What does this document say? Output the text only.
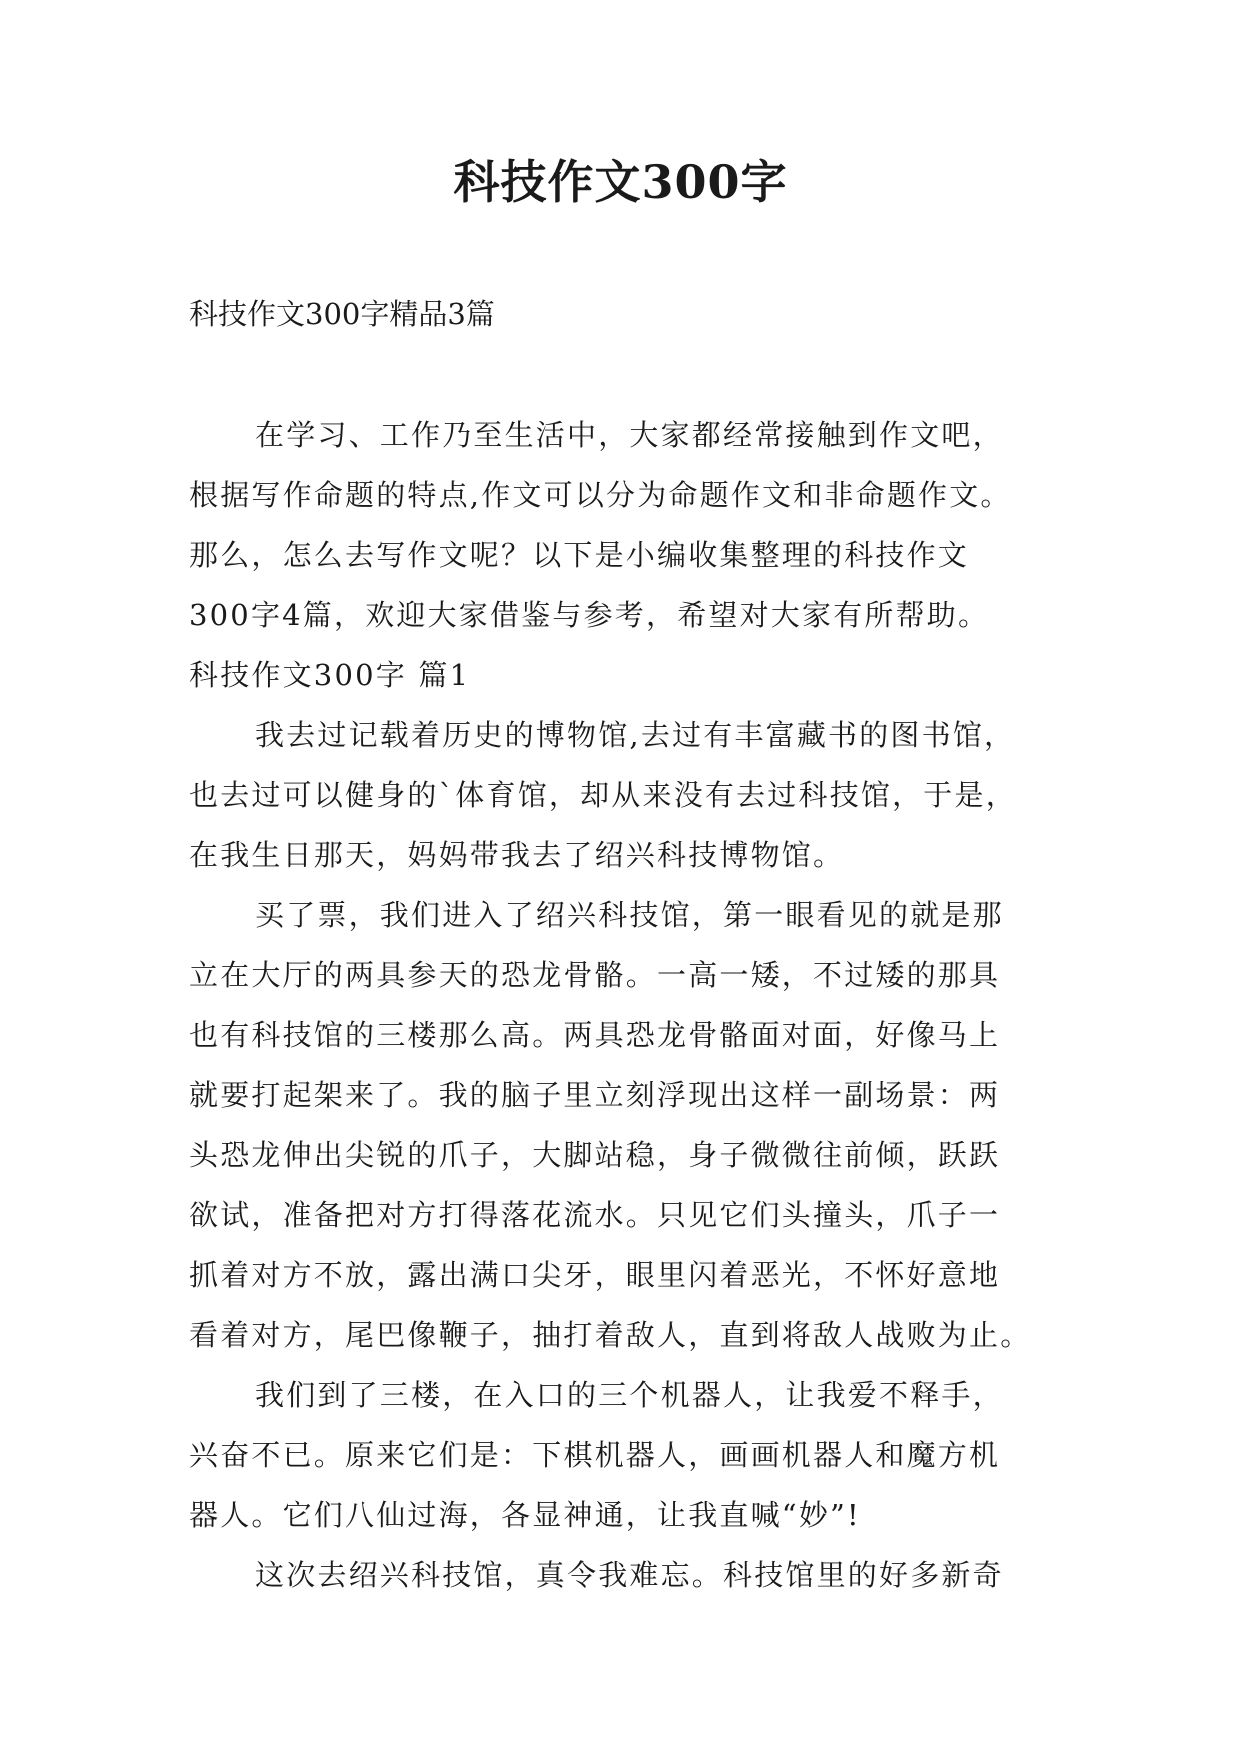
科技作文300字
科技作文300字精品3篇
在学习、工作乃至生活中，大家都经常接触到作文吧，
根据写作命题的特点,作文可以分为命题作文和非命题作文。
那么，怎么去写作文呢？以下是小编收集整理的科技作文
300字4篇，欢迎大家借鉴与参考，希望对大家有所帮助。
科技作文300字 篇1
我去过记载着历史的博物馆,去过有丰富藏书的图书馆，
也去过可以健身的`体育馆，却从来没有去过科技馆，于是，
在我生日那天，妈妈带我去了绍兴科技博物馆。
买了票，我们进入了绍兴科技馆，第一眼看见的就是那
立在大厅的两具参天的恐龙骨骼。一高一矮，不过矮的那具
也有科技馆的三楼那么高。两具恐龙骨骼面对面，好像马上
就要打起架来了。我的脑子里立刻浮现出这样一副场景：两
头恐龙伸出尖锐的爪子，大脚站稳，身子微微往前倾，跃跃
欲试，准备把对方打得落花流水。只见它们头撞头，爪子一
抓着对方不放，露出满口尖牙，眼里闪着恶光，不怀好意地
看着对方，尾巴像鞭子，抽打着敌人，直到将敌人战败为止。
我们到了三楼，在入口的三个机器人，让我爱不释手，
兴奋不已。原来它们是：下棋机器人，画画机器人和魔方机
器人。它们八仙过海，各显神通，让我直喊“妙”!
这次去绍兴科技馆，真令我难忘。科技馆里的好多新奇
